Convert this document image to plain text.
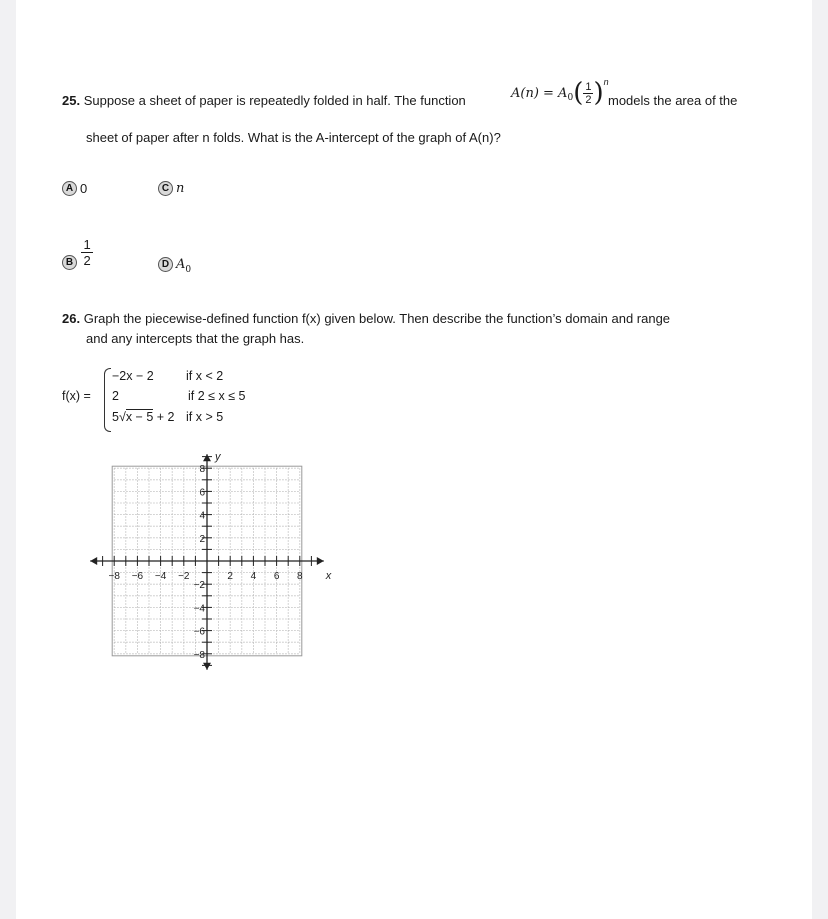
25. Suppose a sheet of paper is repeatedly folded in half. The function	$A(n) = A_0( \frac{1}{2} )^n$
models the area of the
sheet of paper after n folds. What is the A-intercept of the graph of A(n)?
A 0	C n
B $\frac{1}{2}$	D $A_0$
26. Graph the piecewise-defined function f(x) given below. Then describe the function’s domain and range
and any intercepts that the graph has.
f(x) =
−2x − 2	if x < 2
2	if 2 ≤ x ≤ 5
5√x − 5 + 2 if x > 5
−8 −6 −4 −2	2 4 6 8
8
6
4
2
−2
−4
−6
−8
x
y
